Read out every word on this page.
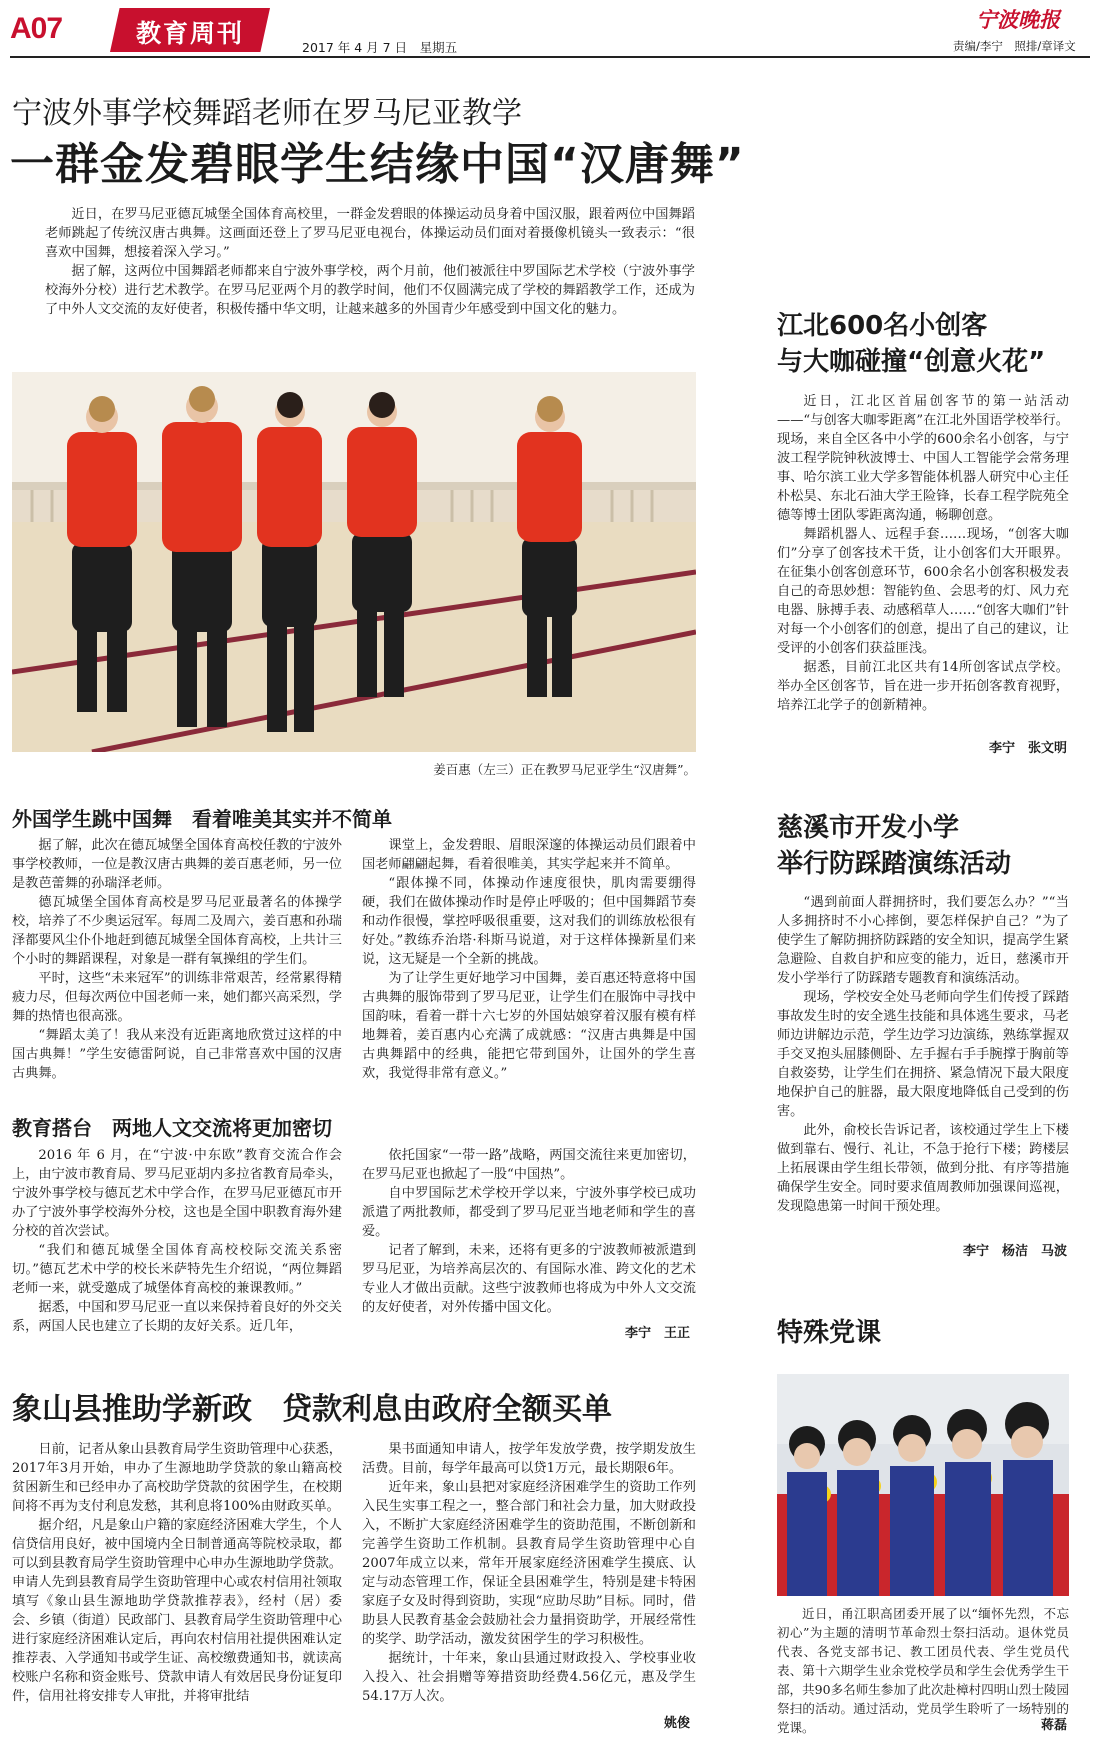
A07	教育周刊	2017 年 4 月 7 日　星期五
宁波晚报
责编/李宁　照排/章译文
宁波外事学校舞蹈老师在罗马尼亚教学
一群金发碧眼学生结缘中国“汉唐舞”
近日，在罗马尼亚德瓦城堡全国体育高校里，一群金发碧眼的体操运动员身着中国汉服，跟着两位中国舞蹈老师跳起了传统汉唐古典舞。这画面还登上了罗马尼亚电视台，体操运动员们面对着摄像机镜头一致表示：“很喜欢中国舞，想接着深入学习。”
据了解，这两位中国舞蹈老师都来自宁波外事学校，两个月前，他们被派往中罗国际艺术学校（宁波外事学校海外分校）进行艺术教学。在罗马尼亚两个月的教学时间，他们不仅圆满完成了学校的舞蹈教学工作，还成为了中外人文交流的友好使者，积极传播中华文明，让越来越多的外国青少年感受到中国文化的魅力。
姜百惠（左三）正在教罗马尼亚学生“汉唐舞”。
外国学生跳中国舞　看着唯美其实并不简单
据了解，此次在德瓦城堡全国体育高校任教的宁波外事学校教师，一位是教汉唐古典舞的姜百惠老师，另一位是教芭蕾舞的孙瑞泽老师。
德瓦城堡全国体育高校是罗马尼亚最著名的体操学校，培养了不少奥运冠军。每周二及周六，姜百惠和孙瑞泽都要风尘仆仆地赶到德瓦城堡全国体育高校，上共计三个小时的舞蹈课程，对象是一群有氧操组的学生们。
平时，这些“未来冠军”的训练非常艰苦，经常累得精疲力尽，但每次两位中国老师一来，她们都兴高采烈，学舞的热情也很高涨。
“舞蹈太美了！我从来没有近距离地欣赏过这样的中国古典舞！”学生安德雷阿说，自己非常喜欢中国的汉唐古典舞。
课堂上，金发碧眼、眉眼深邃的体操运动员们跟着中国老师翩翩起舞，看着很唯美，其实学起来并不简单。
“跟体操不同，体操动作速度很快，肌肉需要绷得硬，我们在做体操动作时是停止呼吸的；但中国舞蹈节奏和动作很慢，掌控呼吸很重要，这对我们的训练放松很有好处。”教练乔治塔·科斯马说道，对于这样体操新星们来说，这无疑是一个全新的挑战。
为了让学生更好地学习中国舞，姜百惠还特意将中国古典舞的服饰带到了罗马尼亚，让学生们在服饰中寻找中国韵味，看着一群十六七岁的外国姑娘穿着汉服有模有样地舞着，姜百惠内心充满了成就感：“汉唐古典舞是中国古典舞蹈中的经典，能把它带到国外，让国外的学生喜欢，我觉得非常有意义。”
教育搭台　两地人文交流将更加密切
2016 年 6 月，在“宁波·中东欧”教育交流合作会上，由宁波市教育局、罗马尼亚胡内多拉省教育局牵头，宁波外事学校与德瓦艺术中学合作，在罗马尼亚德瓦市开办了宁波外事学校海外分校，这也是全国中职教育海外建分校的首次尝试。
“我们和德瓦城堡全国体育高校校际交流关系密切。”德瓦艺术中学的校长米萨特先生介绍说，“两位舞蹈老师一来，就受邀成了城堡体育高校的兼课教师。”
据悉，中国和罗马尼亚一直以来保持着良好的外交关系，两国人民也建立了长期的友好关系。近几年，
依托国家“一带一路”战略，两国交流往来更加密切，在罗马尼亚也掀起了一股“中国热”。
自中罗国际艺术学校开学以来，宁波外事学校已成功派遣了两批教师，都受到了罗马尼亚当地老师和学生的喜爱。
记者了解到，未来，还将有更多的宁波教师被派遣到罗马尼亚，为培养高层次的、有国际水准、跨文化的艺术专业人才做出贡献。这些宁波教师也将成为中外人文交流的友好使者，对外传播中国文化。
李宁　王正
江北600名小创客
与大咖碰撞“创意火花”
近日，江北区首届创客节的第一站活动——“与创客大咖零距离”在江北外国语学校举行。现场，来自全区各中小学的600余名小创客，与宁波工程学院钟秋波博士、中国人工智能学会常务理事、哈尔滨工业大学多智能体机器人研究中心主任朴松昊、东北石油大学王险锋，长春工程学院苑全德等博士团队零距离沟通，畅聊创意。
舞蹈机器人、远程手套……现场，“创客大咖们”分享了创客技术干货，让小创客们大开眼界。在征集小创客创意环节，600余名小创客积极发表自己的奇思妙想：智能钓鱼、会思考的灯、风力充电器、脉搏手表、动感稻草人……“创客大咖们”针对每一个小创客们的创意，提出了自己的建议，让受评的小创客们获益匪浅。
据悉，目前江北区共有14所创客试点学校。举办全区创客节，旨在进一步开拓创客教育视野，培养江北学子的创新精神。
李宁　张文明
慈溪市开发小学
举行防踩踏演练活动
“遇到前面人群拥挤时，我们要怎么办？”“当人多拥挤时不小心摔倒，要怎样保护自己？”为了使学生了解防拥挤防踩踏的安全知识，提高学生紧急避险、自救自护和应变的能力，近日，慈溪市开发小学举行了防踩踏专题教育和演练活动。
现场，学校安全处马老师向学生们传授了踩踏事故发生时的安全逃生技能和具体逃生要求，马老师边讲解边示范，学生边学习边演练，熟练掌握双手交叉抱头屈膝侧卧、左手握右手手腕撑于胸前等自救姿势，让学生们在拥挤、紧急情况下最大限度地保护自己的脏器，最大限度地降低自己受到的伤害。
此外，俞校长告诉记者，该校通过学生上下楼做到靠右、慢行、礼让，不急于抢行下楼；跨楼层上拓展课由学生组长带领，做到分批、有序等措施确保学生安全。同时要求值周教师加强课间巡视，发现隐患第一时间干预处理。
李宁　杨洁　马波
特殊党课
近日，甬江职高团委开展了以“缅怀先烈，不忘初心”为主题的清明节革命烈士祭扫活动。退休党员代表、各党支部书记、教工团员代表、学生党员代表、第十六期学生业余党校学员和学生会优秀学生干部，共90多名师生参加了此次赴樟村四明山烈士陵园祭扫的活动。通过活动，党员学生聆听了一场特别的党课。	蒋磊
象山县推助学新政　贷款利息由政府全额买单
日前，记者从象山县教育局学生资助管理中心获悉，2017年3月开始，申办了生源地助学贷款的象山籍高校贫困新生和已经申办了高校助学贷款的贫困学生，在校期间将不再为支付利息发愁，其利息将100%由财政买单。
据介绍，凡是象山户籍的家庭经济困难大学生，个人信贷信用良好，被中国境内全日制普通高等院校录取，都可以到县教育局学生资助管理中心申办生源地助学贷款。申请人先到县教育局学生资助管理中心或农村信用社领取填写《象山县生源地助学贷款推荐表》，经村（居）委会、乡镇（街道）民政部门、县教育局学生资助管理中心进行家庭经济困难认定后，再向农村信用社提供困难认定推荐表、入学通知书或学生证、高校缴费通知书，就读高校账户名称和资金账号、贷款申请人有效居民身份证复印件，信用社将安排专人审批，并将审批结
果书面通知申请人，按学年发放学费，按学期发放生活费。目前，每学年最高可以贷1万元，最长期限6年。
近年来，象山县把对家庭经济困难学生的资助工作列入民生实事工程之一，整合部门和社会力量，加大财政投入，不断扩大家庭经济困难学生的资助范围，不断创新和完善学生资助工作机制。县教育局学生资助管理中心自2007年成立以来，常年开展家庭经济困难学生摸底、认定与动态管理工作，保证全县困难学生，特别是建卡特困家庭子女及时得到资助，实现“应助尽助”目标。同时，借助县人民教育基金会鼓励社会力量捐资助学，开展经常性的奖学、助学活动，激发贫困学生的学习积极性。
据统计，十年来，象山县通过财政投入、学校事业收入投入、社会捐赠等筹措资助经费4.56亿元，惠及学生54.17万人次。
姚俊
